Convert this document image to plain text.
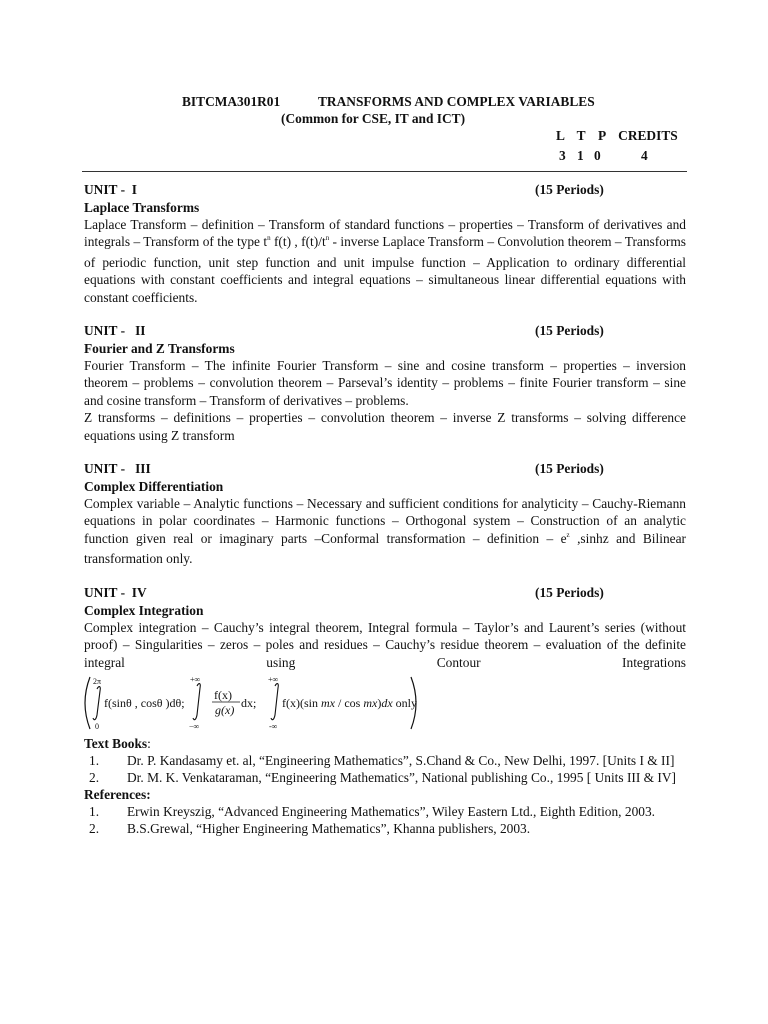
BITCMA301R01	TRANSFORMS AND COMPLEX VARIABLES
(Common for CSE, IT and ICT)
L  T  P  CREDITS
3 1 0	4
UNIT -  I	(15 Periods)
Laplace Transforms
Laplace Transform – definition – Transform of standard functions – properties – Transform of derivatives and integrals – Transform of the type $t^n$ f(t) , $f(t)/t^n$ - inverse Laplace Transform – Convolution theorem – Transforms of periodic function, unit step function and unit impulse function – Application to ordinary differential equations with constant coefficients and integral equations – simultaneous linear differential equations with constant coefficients.
UNIT -   II	(15 Periods)
Fourier and Z Transforms
Fourier Transform – The infinite Fourier Transform – sine and cosine transform – properties – inversion theorem – problems – convolution theorem – Parseval’s identity – problems – finite Fourier transform – sine and cosine transform – Transform of derivatives – problems.
Z transforms – definitions – properties – convolution theorem – inverse Z transforms – solving difference equations using Z transform
UNIT -   III	(15 Periods)
Complex Differentiation
Complex variable – Analytic functions – Necessary and sufficient conditions for analyticity – Cauchy-Riemann equations in polar coordinates – Harmonic functions – Orthogonal system – Construction of an analytic function given real or imaginary parts –Conformal transformation – definition – $e^z$ ,sinhz and Bilinear transformation only.
UNIT -  IV	(15 Periods)
Complex Integration
Complex integration – Cauchy’s integral theorem, Integral formula – Taylor’s and Laurent’s series (without proof) – Singularities – zeros – poles and residues – Cauchy’s residue theorem – evaluation of the definite integral using Contour Integrations
2π
0
f(sinθ , cosθ )dθ;
+∞
−∞
f(x)
g(x) dx;
+∞
-∞
f(x)(sin mx / cos mx)dx only
Text Books:
1. Dr. P. Kandasamy et. al, “Engineering Mathematics”, S.Chand & Co., New Delhi, 1997. [Units I & II]
2. Dr. M. K. Venkataraman, “Engineering Mathematics”, National publishing Co., 1995 [ Units III & IV]
References:
1. Erwin Kreyszig, “Advanced Engineering Mathematics”, Wiley Eastern Ltd., Eighth Edition, 2003.
2. B.S.Grewal, “Higher Engineering Mathematics”, Khanna publishers, 2003.
